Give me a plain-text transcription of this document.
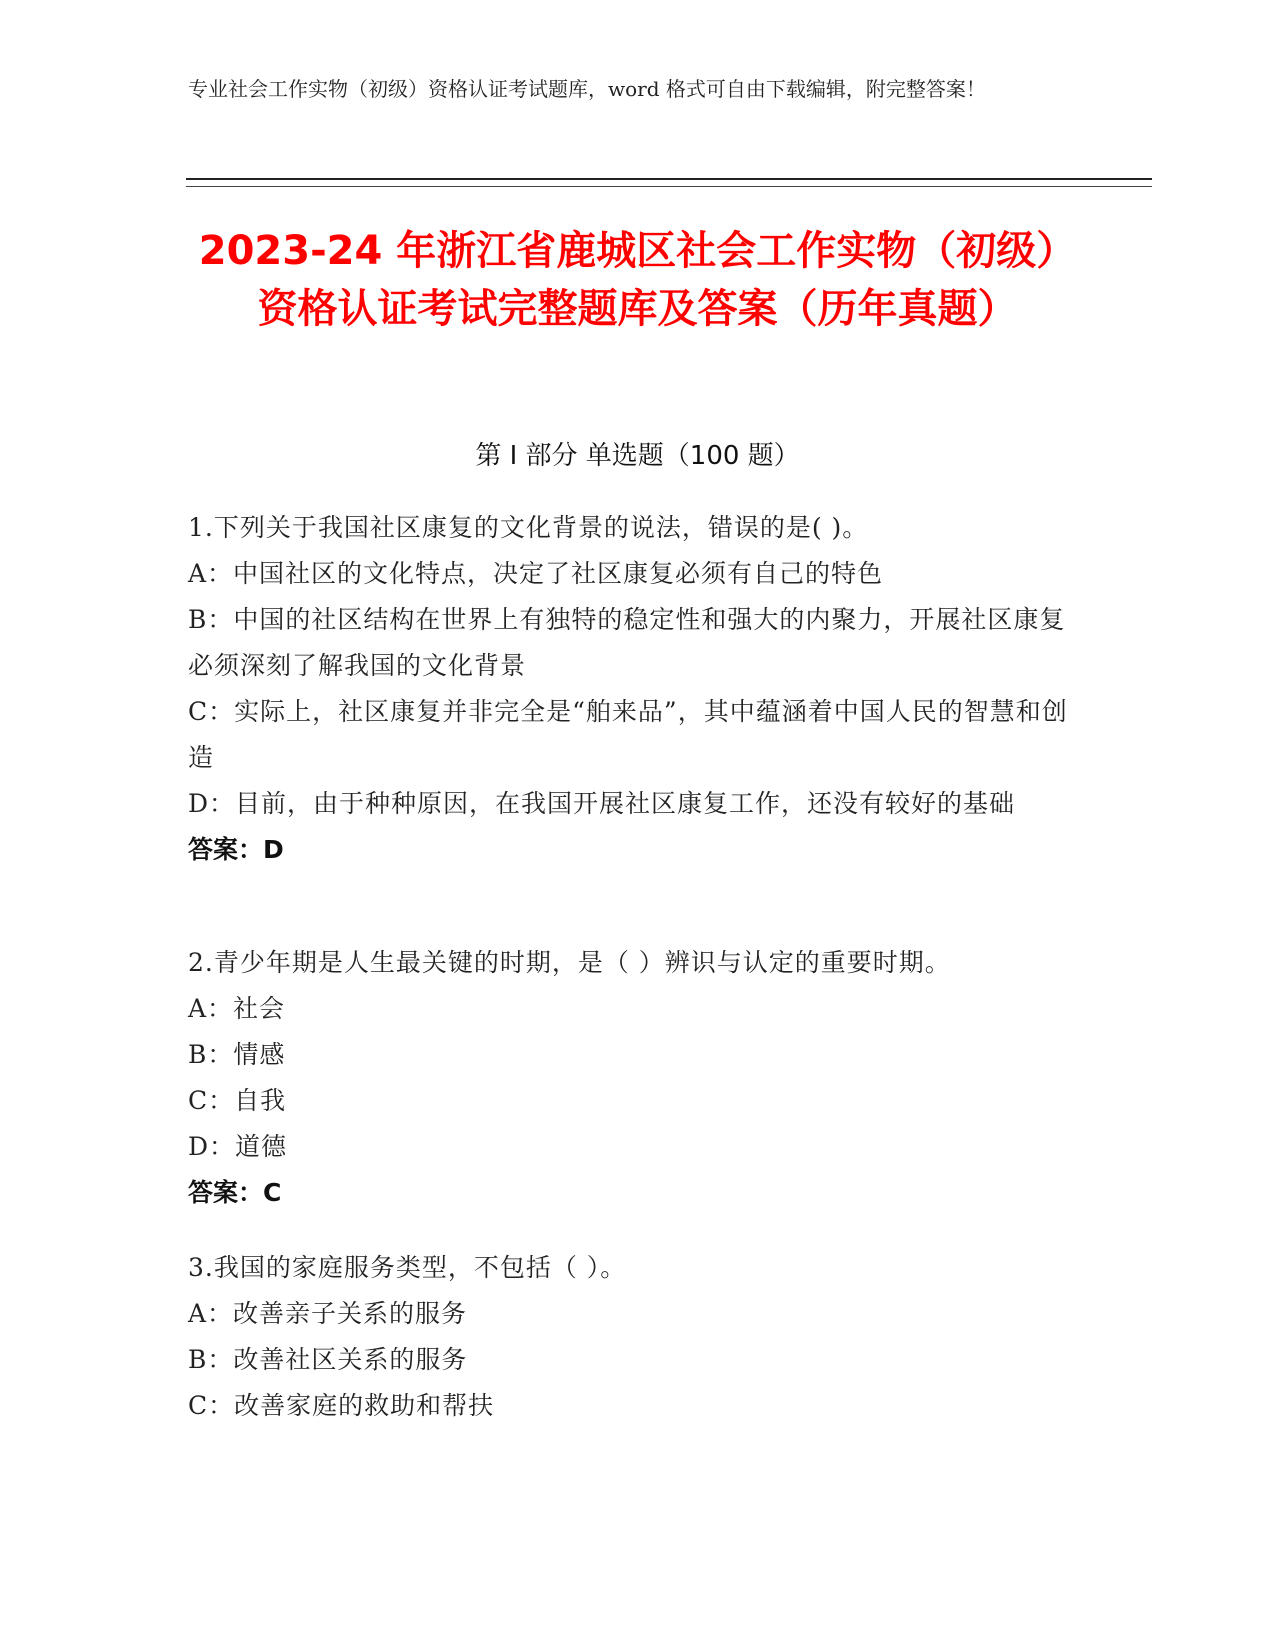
专业社会工作实物（初级）资格认证考试题库，word 格式可自由下载编辑，附完整答案！
2023-24 年浙江省鹿城区社会工作实物（初级）资格认证考试完整题库及答案（历年真题）
第 I 部分 单选题（100 题）
1.下列关于我国社区康复的文化背景的说法，错误的是( )。
A：中国社区的文化特点，决定了社区康复必须有自己的特色
B：中国的社区结构在世界上有独特的稳定性和强大的内聚力，开展社区康复必须深刻了解我国的文化背景
C：实际上，社区康复并非完全是“舶来品”，其中蕴涵着中国人民的智慧和创造
D：目前，由于种种原因，在我国开展社区康复工作，还没有较好的基础
答案：D
2.青少年期是人生最关键的时期，是（ ）辨识与认定的重要时期。
A：社会
B：情感
C：自我
D：道德
答案：C
3.我国的家庭服务类型，不包括（ ）。
A：改善亲子关系的服务
B：改善社区关系的服务
C：改善家庭的救助和帮扶
